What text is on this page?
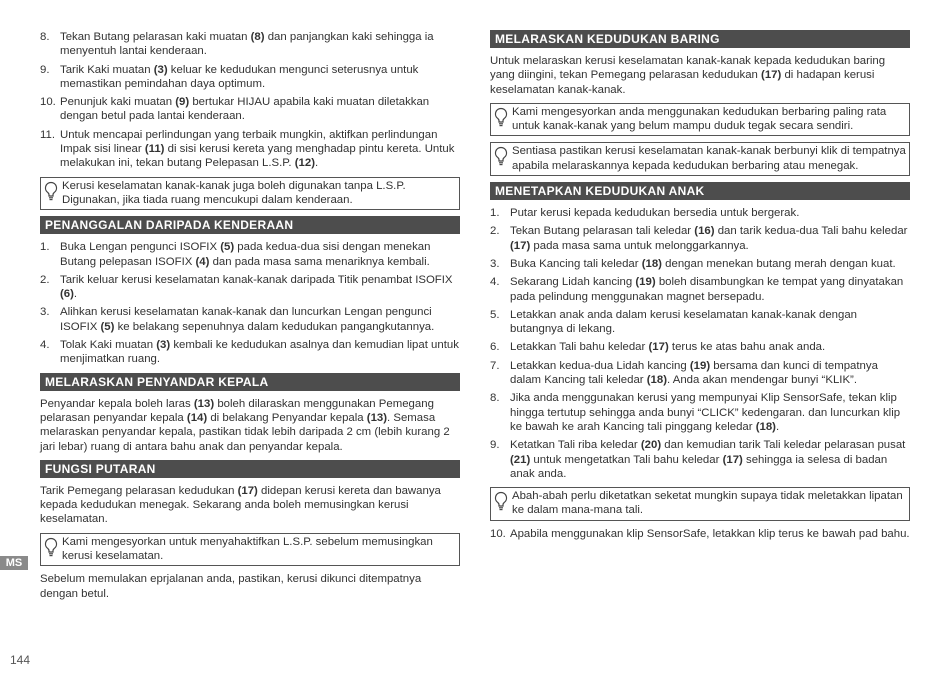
8. Tekan Butang pelarasan kaki muatan (8) dan panjangkan kaki sehingga ia menyentuh lantai kenderaan.
9. Tarik Kaki muatan (3) keluar ke kedudukan mengunci seterusnya untuk memastikan pemindahan daya optimum.
10. Penunjuk kaki muatan (9) bertukar HIJAU apabila kaki muatan diletakkan dengan betul pada lantai kenderaan.
11. Untuk mencapai perlindungan yang terbaik mungkin, aktifkan perlindungan Impak sisi linear (11) di sisi kerusi kereta yang menghadap pintu kereta. Untuk melakukan ini, tekan butang Pelepasan L.S.P. (12).
Kerusi keselamatan kanak-kanak juga boleh digunakan tanpa L.S.P. Digunakan, jika tiada ruang mencukupi dalam kenderaan.
PENANGGALAN DARIPADA KENDERAAN
1. Buka Lengan pengunci ISOFIX (5) pada kedua-dua sisi dengan menekan Butang pelepasan ISOFIX (4) dan pada masa sama menariknya kembali.
2. Tarik keluar kerusi keselamatan kanak-kanak daripada Titik penambat ISOFIX (6).
3. Alihkan kerusi keselamatan kanak-kanak dan luncurkan Lengan pengunci ISOFIX (5) ke belakang sepenuhnya dalam kedudukan pangangkutannya.
4. Tolak Kaki muatan (3) kembali ke kedudukan asalnya dan kemudian lipat untuk menjimatkan ruang.
MELARASKAN PENYANDAR KEPALA

Penyandar kepala boleh laras (13) boleh dilaraskan menggunakan Pemegang pelarasan penyandar kepala (14) di belakang Penyandar kepala (13). Semasa melaraskan penyandar kepala, pastikan tidak lebih daripada 2 cm (lebih kurang 2 jari lebar) ruang di antara bahu anak dan penyandar kepala.

FUNGSI PUTARAN

Tarik Pemegang pelarasan kedudukan (17) didepan kerusi kereta dan bawanya kepada kedudukan menegak. Sekarang anda boleh memusingkan kerusi keselamatan.

Kami mengesyorkan untuk menyahaktifkan L.S.P. sebelum memusingkan kerusi keselamatan.

Sebelum memulakan eprjalanan anda, pastikan, kerusi dikunci ditempatnya dengan betul.

MELARASKAN KEDUDUKAN BARING

Untuk melaraskan kerusi keselamatan kanak-kanak kepada kedudukan baring yang diingini, tekan Pemegang pelarasan kedudukan (17) di hadapan kerusi keselamatan kanak-kanak.

Kami mengesyorkan anda menggunakan kedudukan berbaring paling rata untuk kanak-kanak yang belum mampu duduk tegak secara sendiri.
Sentiasa pastikan kerusi keselamatan kanak-kanak berbunyi klik di tempatnya apabila melaraskannya kepada kedudukan berbaring atau menegak.
MENETAPKAN KEDUDUKAN ANAK
1. Putar kerusi kepada kedudukan bersedia untuk bergerak.
2. Tekan Butang pelarasan tali keledar (16) dan tarik kedua-dua Tali bahu keledar (17) pada masa sama untuk melonggarkannya.
3. Buka Kancing tali keledar (18) dengan menekan butang merah dengan kuat.
4. Sekarang Lidah kancing (19) boleh disambungkan ke tempat yang dinyatakan pada pelindung menggunakan magnet bersepadu.
5. Letakkan anak anda dalam kerusi keselamatan kanak-kanak dengan butangnya di lekang.
6. Letakkan Tali bahu keledar (17) terus ke atas bahu anak anda.
7. Letakkan kedua-dua Lidah kancing (19) bersama dan kunci di tempatnya dalam Kancing tali keledar (18). Anda akan mendengar bunyi “KLIK”.
8. Jika anda menggunakan kerusi yang mempunyai Klip SensorSafe, tekan klip hingga tertutup sehingga anda bunyi “CLICK” kedengaran. dan luncurkan klip ke bawah ke arah Kancing tali pinggang keledar (18).
9. Ketatkan Tali riba keledar (20) dan kemudian tarik Tali keledar pelarasan pusat (21) untuk mengetatkan Tali bahu keledar (17) sehingga ia selesa di badan anak anda.
Abah-abah perlu diketatkan seketat mungkin supaya tidak meletakkan lipatan ke dalam mana-mana tali.
10. Apabila menggunakan klip SensorSafe, letakkan klip terus ke bawah pad bahu.
MS
144
